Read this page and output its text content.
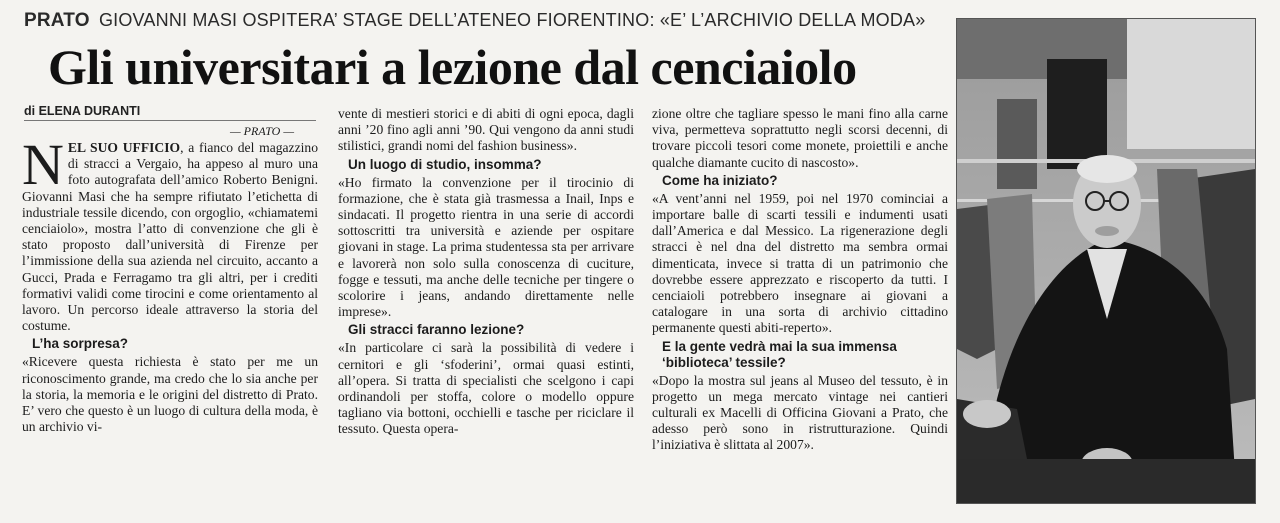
PRATO GIOVANNI MASI OSPITERA’ STAGE DELL’ATENEO FIORENTINO: «E’ L’ARCHIVIO DELLA MODA»
Gli universitari a lezione dal cenciaiolo
di ELENA DURANTI
— PRATO —

NEL SUO UFFICIO, a fianco del magazzino di stracci a Vergaio, ha appeso al muro una foto autografata dell’amico Roberto Benigni. Giovanni Masi che ha sempre rifiutato l’etichetta di industriale tessile dicendo, con orgoglio, «chiamatemi cenciaiolo», mostra l’atto di convenzione che gli è stato proposto dall’università di Firenze per l’immissione della sua azienda nel circuito, accanto a Gucci, Prada e Ferragamo tra gli altri, per i crediti formativi validi come tirocini e come orientamento al lavoro. Un percorso ideale attraverso la storia del costume.

L’ha sorpresa?

«Ricevere questa richiesta è stato per me un riconoscimento grande, ma credo che lo sia anche per la storia, la memoria e le origini del distretto di Prato. E’ vero che questo è un luogo di cultura della moda, è un archivio vi-

vente di mestieri storici e di abiti di ogni epoca, dagli anni ’20 fino agli anni ’90. Qui vengono da anni studi stilistici, grandi nomi del fashion business».

Un luogo di studio, insomma?

«Ho firmato la convenzione per il tirocinio di formazione, che è stata già trasmessa a Inail, Inps e sindacati. Il progetto rientra in una serie di accordi sottoscritti tra università e aziende per ospitare giovani in stage. La prima studentessa sta per arrivare e lavorerà non solo sulla conoscenza di cuciture, fogge e tessuti, ma anche delle tecniche per tingere o scolorire i jeans, andando direttamente nelle imprese».

Gli stracci faranno lezione?

«In particolare ci sarà la possibilità di vedere i cernitori e gli ‘sfoderini’, ormai quasi estinti, all’opera. Si tratta di specialisti che scelgono i capi ordinandoli per stoffa, colore o modello oppure tagliano via bottoni, occhielli e tasche per riciclare il tessuto. Questa opera-

zione oltre che tagliare spesso le mani fino alla carne viva, permetteva soprattutto negli scorsi decenni, di trovare piccoli tesori come monete, proiettili e anche qualche diamante cucito di nascosto».

Come ha iniziato?

«A vent’anni nel 1959, poi nel 1970 cominciai a importare balle di scarti tessili e indumenti usati dall’America e dal Messico. La rigenerazione degli stracci è nel dna del distretto ma sembra ormai dimenticata, invece si tratta di un patrimonio che dovrebbe essere apprezzato e riscoperto da tutti. I cenciaioli potrebbero insegnare ai giovani a catalogare in una sorta di archivio cittadino permanente questi abiti-reperto».

E la gente vedrà mai la sua immensa ‘biblioteca’ tessile?

«Dopo la mostra sul jeans al Museo del tessuto, è in progetto un mega mercato vintage nei cantieri culturali ex Macelli di Officina Giovani a Prato, che adesso però sono in ristrutturazione. Quindi l’iniziativa è slittata al 2007».
